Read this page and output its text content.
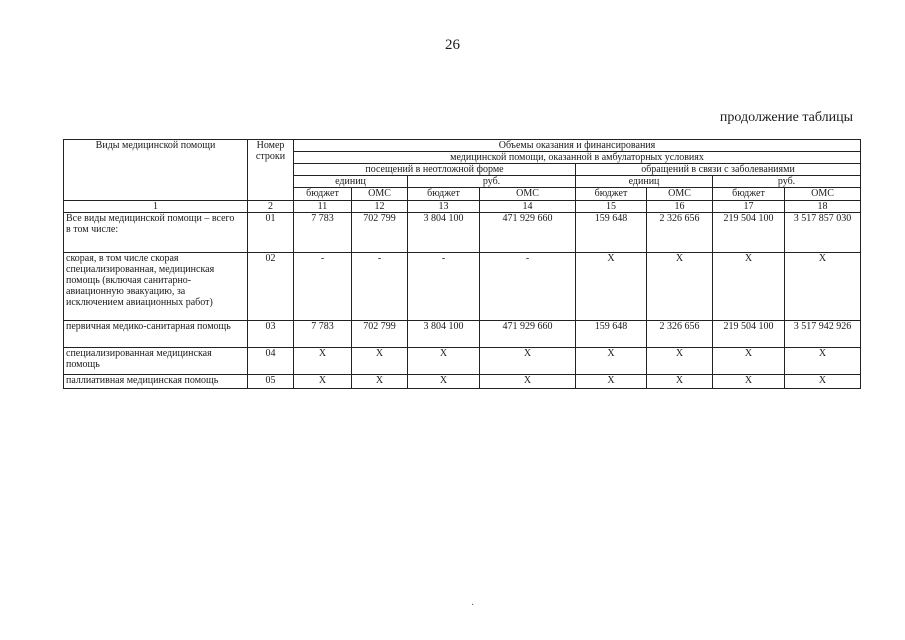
26
продолжение таблицы
Виды медицинской помощи	Номер строки	Объемы оказания и финансирования							
		медицинской помощи, оказанной в амбулаторных условиях							
		посещений в неотложной форме				обращений в связи с заболеваниями			
		единиц		руб.		единиц		руб.	
		бюджет	ОМС	бюджет	ОМС	бюджет	ОМС	бюджет	ОМС
1	2	11	12	13	14	15	16	17	18
Все виды медицинской помощи – всего
в том числе:	01	7 783	702 799	3 804 100	471 929 660	159 648	2 326 656	219 504 100	3 517 857 030
скорая, в том числе скорая специализированная, медицинская помощь (включая санитарно-авиационную эвакуацию, за исключением авиационных работ)	02	-	-	-	-	Х	Х	Х	Х
первичная медико-санитарная помощь	03	7 783	702 799	3 804 100	471 929 660	159 648	2 326 656	219 504 100	3 517 942 926
специализированная медицинская помощь	04	Х	Х	Х	Х	Х	Х	Х	Х
паллиативная медицинская помощь	05	Х	Х	Х	Х	Х	Х	Х	Х
·
